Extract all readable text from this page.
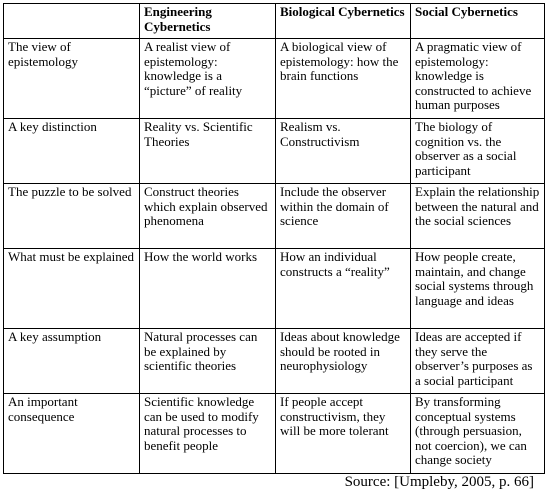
	Engineering Cybernetics	Biological Cybernetics	Social Cybernetics
The view of epistemology	A realist view of epistemology: knowledge is a “picture” of reality	A biological view of epistemology: how the brain functions	A pragmatic view of epistemology: knowledge is constructed to achieve human purposes
A key distinction	Reality vs. Scientific Theories	Realism vs. Constructivism	The biology of cognition vs. the observer as a social participant
The puzzle to be solved	Construct theories which explain observed phenomena	Include the observer within the domain of science	Explain the relationship between the natural and the social sciences
What must be explained	How the world works	How an individual constructs a “reality”	How people create, maintain, and change social systems through language and ideas
A key assumption	Natural processes can be explained by scientific theories	Ideas about knowledge should be rooted in neurophysiology	Ideas are accepted if they serve the observer’s purposes as a social participant
An important consequence	Scientific knowledge can be used to modify natural processes to benefit people	If people accept constructivism, they will be more tolerant	By transforming conceptual systems (through persuasion, not coercion), we can change society
Source: [Umpleby, 2005, p. 66]
